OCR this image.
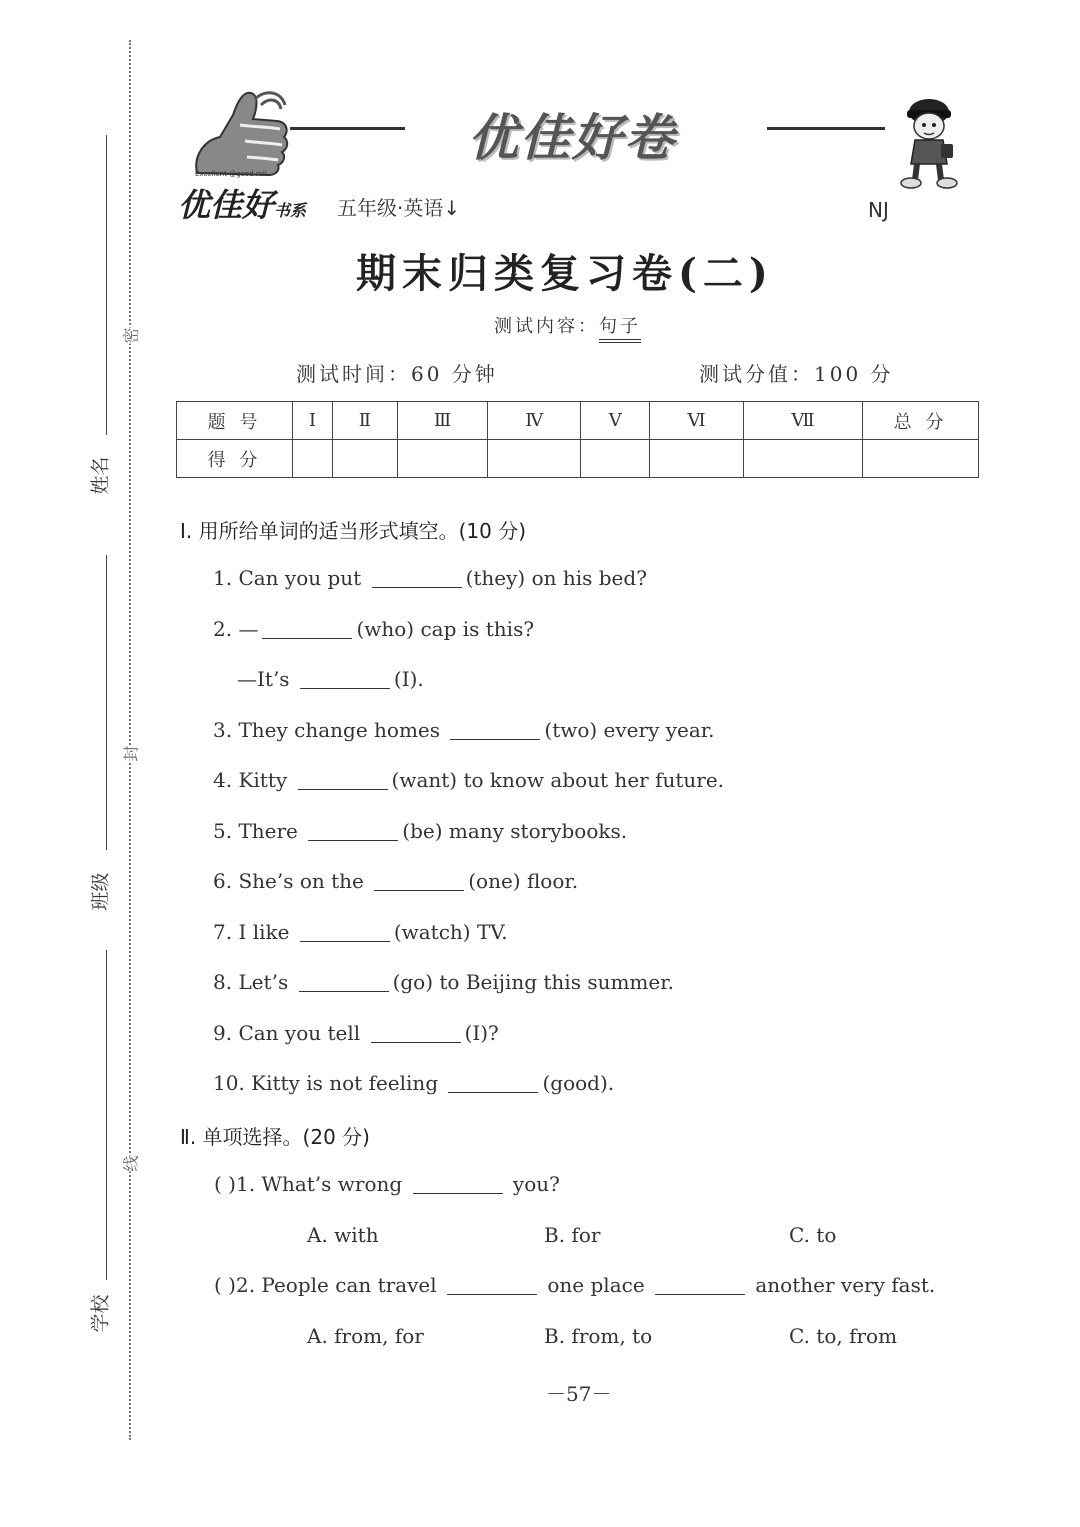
姓名
班级
学校
密
封
线
Excellent @good roll
优佳好书系 五年级·英语↓
优佳好卷
NJ
期末归类复习卷(二)
测试内容：句子
测试时间：60 分钟	测试分值：100 分
题 号	Ⅰ	Ⅱ	Ⅲ	Ⅳ	Ⅴ	Ⅵ	Ⅶ	总 分
得 分								
Ⅰ. 用所给单词的适当形式填空。(10 分)
1. Can you put	(they) on his bed?
2. —	(who) cap is this?
—It’s	(I).
3. They change homes	(two) every year.
4. Kitty	(want) to know about her future.
5. There	(be) many storybooks.
6. She’s on the	(one) floor.
7. I like	(watch) TV.
8. Let’s	(go) to Beijing this summer.
9. Can you tell	(I)?
10. Kitty is not feeling	(good).
Ⅱ. 单项选择。(20 分)
( )1. What’s wrong	you?
A. with	B. for	C. to
( )2. People can travel	one place	another very fast.
A. from, for	B. from, to	C. to, from
－57－
